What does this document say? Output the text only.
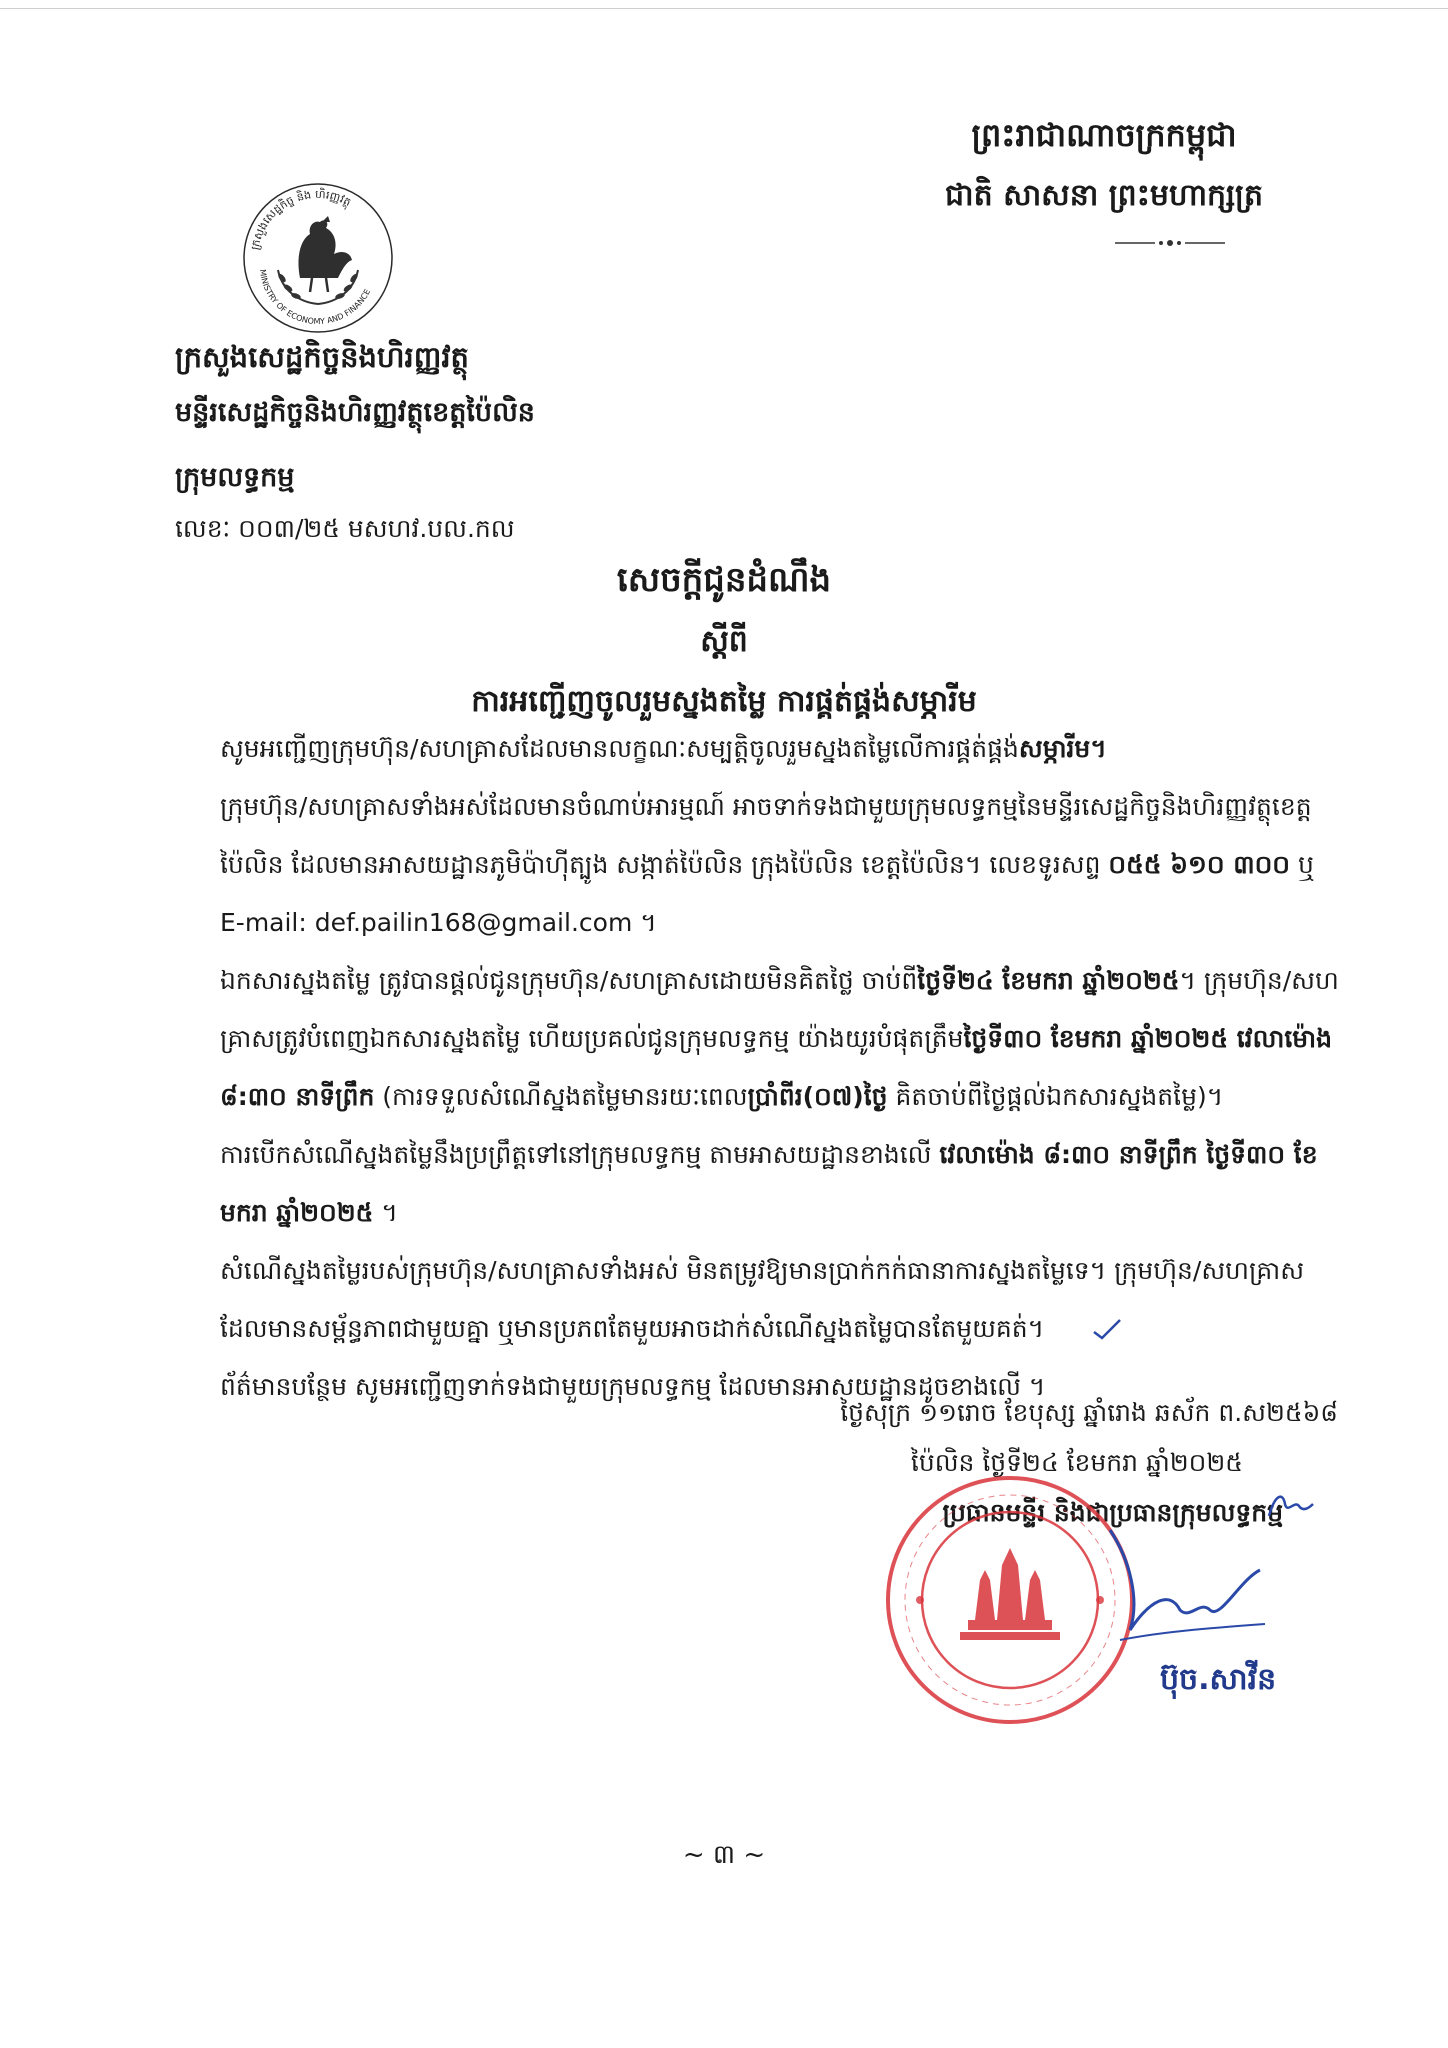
ព្រះរាជាណាចក្រកម្ពុជា
ជាតិ សាសនា ព្រះមហាក្សត្រ
ក្រសួងសេដ្ឋកិច្ច និង ហិរញ្ញវត្ថុ
MINISTRY OF ECONOMY AND FINANCE
ក្រសួងសេដ្ឋកិច្ចនិងហិរញ្ញវត្ថុ
មន្ទីរសេដ្ឋកិច្ចនិងហិរញ្ញវត្ថុខេត្តប៉ៃលិន
ក្រុមលទ្ធកម្ម
លេខៈ ០០៣/២៥ មសហវ.បល.កល
សេចក្តីជូនដំណឹង
ស្តីពី
ការអញ្ជើញចូលរួមស្នងតម្លៃ ការផ្គត់ផ្គង់សម្ភារីម
សូមអញ្ជើញក្រុមហ៊ុន/សហគ្រាសដែលមានលក្ខណៈសម្បត្តិចូលរួមស្នងតម្លៃលើការផ្គត់ផ្គង់សម្ភារីម។
ក្រុមហ៊ុន/សហគ្រាសទាំងអស់ដែលមានចំណាប់អារម្មណ៍ អាចទាក់ទងជាមួយក្រុមលទ្ធកម្មនៃមន្ទីរសេដ្ឋកិច្ចនិងហិរញ្ញវត្ថុខេត្តប៉ៃលិន ដែលមានអាសយដ្ឋានភូមិប៉ាហ៊ីត្បូង សង្កាត់ប៉ៃលិន ក្រុងប៉ៃលិន ខេត្តប៉ៃលិន។ លេខទូរសព្ទ ០៥៥ ៦១០ ៣០០ ឬ E-mail: def.pailin168@gmail.com ។
ឯកសារស្នងតម្លៃ ត្រូវបានផ្តល់ជូនក្រុមហ៊ុន/សហគ្រាសដោយមិនគិតថ្លៃ ចាប់ពីថ្ងៃទី២៤ ខែមករា ឆ្នាំ២០២៥។ ក្រុមហ៊ុន/សហគ្រាសត្រូវបំពេញឯកសារស្នងតម្លៃ ហើយប្រគល់ជូនក្រុមលទ្ធកម្ម យ៉ាងយូរបំផុតត្រឹមថ្ងៃទី៣០ ខែមករា ឆ្នាំ២០២៥ វេលាម៉ោង ៨:៣០ នាទីព្រឹក (ការទទួលសំណើស្នងតម្លៃមានរយៈពេលប្រាំពីរ(០៧)ថ្ងៃ គិតចាប់ពីថ្ងៃផ្តល់ឯកសារស្នងតម្លៃ)។
ការបើកសំណើស្នងតម្លៃនឹងប្រព្រឹត្តទៅនៅក្រុមលទ្ធកម្ម តាមអាសយដ្ឋានខាងលើ វេលាម៉ោង ៨:៣០ នាទីព្រឹក ថ្ងៃទី៣០ ខែមករា ឆ្នាំ២០២៥ ។
សំណើស្នងតម្លៃរបស់ក្រុមហ៊ុន/សហគ្រាសទាំងអស់ មិនតម្រូវឱ្យមានប្រាក់កក់ធានាការស្នងតម្លៃទេ។ ក្រុមហ៊ុន/សហគ្រាសដែលមានសម្ព័ន្ធភាពជាមួយគ្នា ឬមានប្រភពតែមួយអាចដាក់សំណើស្នងតម្លៃបានតែមួយគត់។
ព័ត៌មានបន្ថែម សូមអញ្ជើញទាក់ទងជាមួយក្រុមលទ្ធកម្ម ដែលមានអាសយដ្ឋានដូចខាងលើ ។
ថ្ងៃសុក្រ ១១រោច ខែបុស្ស ឆ្នាំរោង ឆស័ក ព.ស២៥៦៨
ប៉ៃលិន ថ្ងៃទី២៤ ខែមករា ឆ្នាំ២០២៥
ប្រធានមន្ទីរ និងជាប្រធានក្រុមលទ្ធកម្ម
ប៊ុច.សាវីន
~ ៣ ~
